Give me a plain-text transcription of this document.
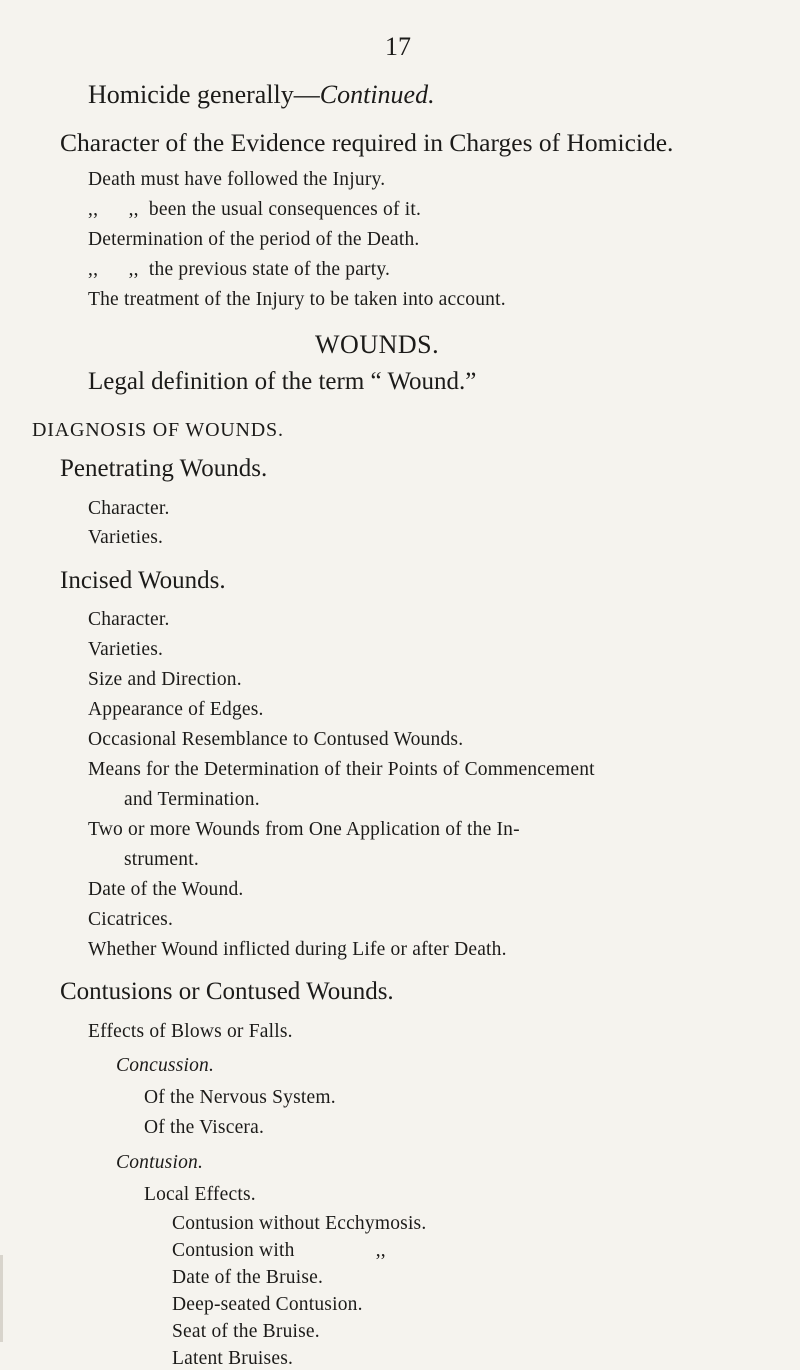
17
Homicide generally—Continued.
Character of the Evidence required in Charges of Homicide.
Death must have followed the Injury.
,,      ,,  been the usual consequences of it.
Determination of the period of the Death.
,,      ,,  the previous state of the party.
The treatment of the Injury to be taken into account.
WOUNDS.
Legal definition of the term “ Wound.”
DIAGNOSIS OF WOUNDS.
Penetrating Wounds.
Character.
Varieties.
Incised Wounds.
Character.
Varieties.
Size and Direction.
Appearance of Edges.
Occasional Resemblance to Contused Wounds.
Means for the Determination of their Points of Commencement
and Termination.
Two or more Wounds from One Application of the In-
strument.
Date of the Wound.
Cicatrices.
Whether Wound inflicted during Life or after Death.
Contusions or Contused Wounds.
Effects of Blows or Falls.
Concussion.
Of the Nervous System.
Of the Viscera.
Contusion.
Local Effects.
Contusion without Ecchymosis.
Contusion with                ,,
Date of the Bruise.
Deep-seated Contusion.
Seat of the Bruise.
Latent Bruises.
